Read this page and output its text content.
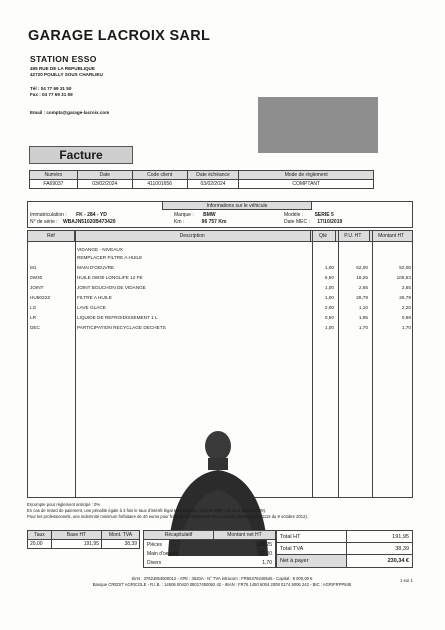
GARAGE LACROIX SARL
STATION ESSO
495 RUE DE LA REPUBLIQUE
42720 POUILLY SOUS CHARLIEU
Tél : 04 77 69 31 50
Fax : 04 77 69 31 59
Email : compta@garage-lacroix.com
Facture
Numéro	Date	Code client	Date échéance	Mode de règlement
FA69037	03/02/2024	411001656	03/02/2024	COMPTANT
Informations sur le véhicule
Immatriculation : FK - 284 - YD
N° de série : WBAJN51020B473420
Marque : BMW
Km :	96 757 Km
Modèle : SERIE 5
Date MEC : 17/10/2019
Réf	Description	Qté	P.U. HT	Montant HT
VIDANGE - NIVEAUX
REMPLACER FILTRE A HUILE
M1	MAIN D'OEUVRE	1,00	52,00	52,00
0W30	HUILE 0W30 LONGLIFE 12 FE	6,50	16,25	105,63
JOINT	JOINT BOUCHON DE VIDANGE	1,00	2,65	2,65
HU6022Z	FILTRE A HUILE	1,00	26,79	26,79
LG	LAVE GLACE	2,00	1,10	2,20
LR	LIQUIDE DE REFROIDISSEMENT 1 L	0,50	1,95	0,98
DEC	PARTICIPATION RECYCLAGE DECHETS	1,00	1,70	1,70
Escompte pour règlement anticipé : 0%
En cas de retard de paiement, une pénalité égale à 3 fois le taux d'intérêt légal sera exigible (Décret 2009-138 du 9 février 2009).
Pour les professionnels, une indemnité minimum forfaitaire de 40 euros pour frais de recouvrement sera exigible (Décret 2012-1115 du 9 octobre 2012).
Taux	Base HT	Mont. TVA
20,00	191,95	38,39
Récapitulatif	Montant net HT
Pièces	138,25
Main d'oeuvre	52,00
Divers	1,70
Total HT	191,95
Total TVA	38,39
Net à payer	230,34 €
Siret : 37624854500012 - APE : 4520A - N° TVA intracom : FR55376248545 - Capital : 8 000,00 €
Banque CREDIT AGRICOLE - R.I.B. : 14506 00420 08017450062 42 - IBAN : FR76 1450 6004 2008 0174 5006 242 - BIC : AGRIFRPP845
1 sur 1
